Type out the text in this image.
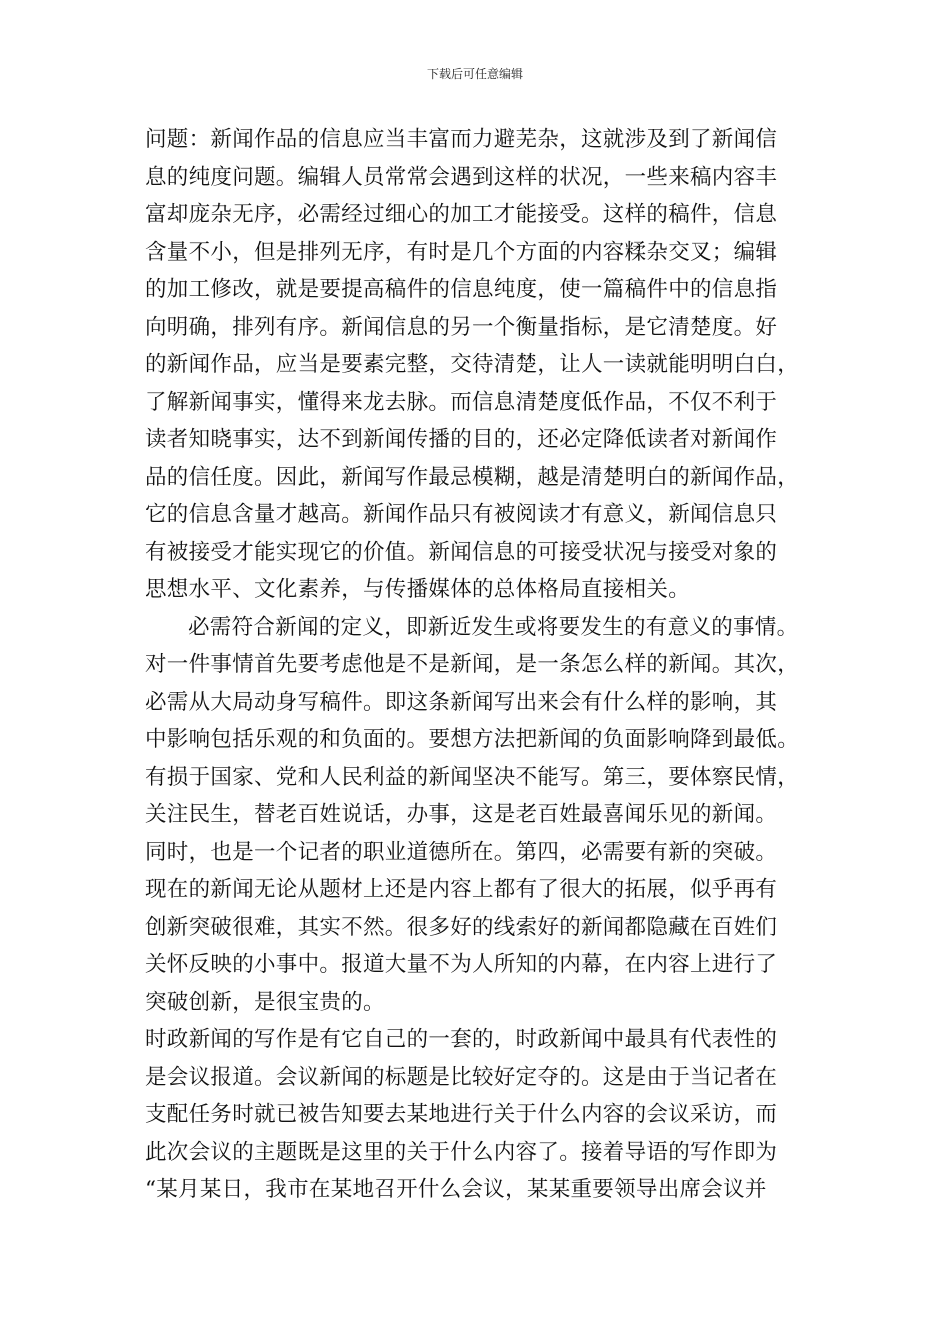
下载后可任意编辑
问题：新闻作品的信息应当丰富而力避芜杂，这就涉及到了新闻信
息的纯度问题。编辑人员常常会遇到这样的状况，一些来稿内容丰
富却庞杂无序，必需经过细心的加工才能接受。这样的稿件，信息
含量不小，但是排列无序，有时是几个方面的内容糅杂交叉；编辑
的加工修改，就是要提高稿件的信息纯度，使一篇稿件中的信息指
向明确，排列有序。新闻信息的另一个衡量指标，是它清楚度。好
的新闻作品，应当是要素完整，交待清楚，让人一读就能明明白白，
了解新闻事实，懂得来龙去脉。而信息清楚度低作品，不仅不利于
读者知晓事实，达不到新闻传播的目的，还必定降低读者对新闻作
品的信任度。因此，新闻写作最忌模糊，越是清楚明白的新闻作品，
它的信息含量才越高。新闻作品只有被阅读才有意义，新闻信息只
有被接受才能实现它的价值。新闻信息的可接受状况与接受对象的
思想水平、文化素养，与传播媒体的总体格局直接相关。
必需符合新闻的定义，即新近发生或将要发生的有意义的事情。
对一件事情首先要考虑他是不是新闻，是一条怎么样的新闻。其次，
必需从大局动身写稿件。即这条新闻写出来会有什么样的影响，其
中影响包括乐观的和负面的。要想方法把新闻的负面影响降到最低。
有损于国家、党和人民利益的新闻坚决不能写。第三，要体察民情，
关注民生，替老百姓说话，办事，这是老百姓最喜闻乐见的新闻。
同时，也是一个记者的职业道德所在。第四，必需要有新的突破。
现在的新闻无论从题材上还是内容上都有了很大的拓展，似乎再有
创新突破很难，其实不然。很多好的线索好的新闻都隐藏在百姓们
关怀反映的小事中。报道大量不为人所知的内幕，在内容上进行了
突破创新，是很宝贵的。
时政新闻的写作是有它自己的一套的，时政新闻中最具有代表性的
是会议报道。会议新闻的标题是比较好定夺的。这是由于当记者在
支配任务时就已被告知要去某地进行关于什么内容的会议采访，而
此次会议的主题既是这里的关于什么内容了。接着导语的写作即为
“某月某日，我市在某地召开什么会议，某某重要领导出席会议并
